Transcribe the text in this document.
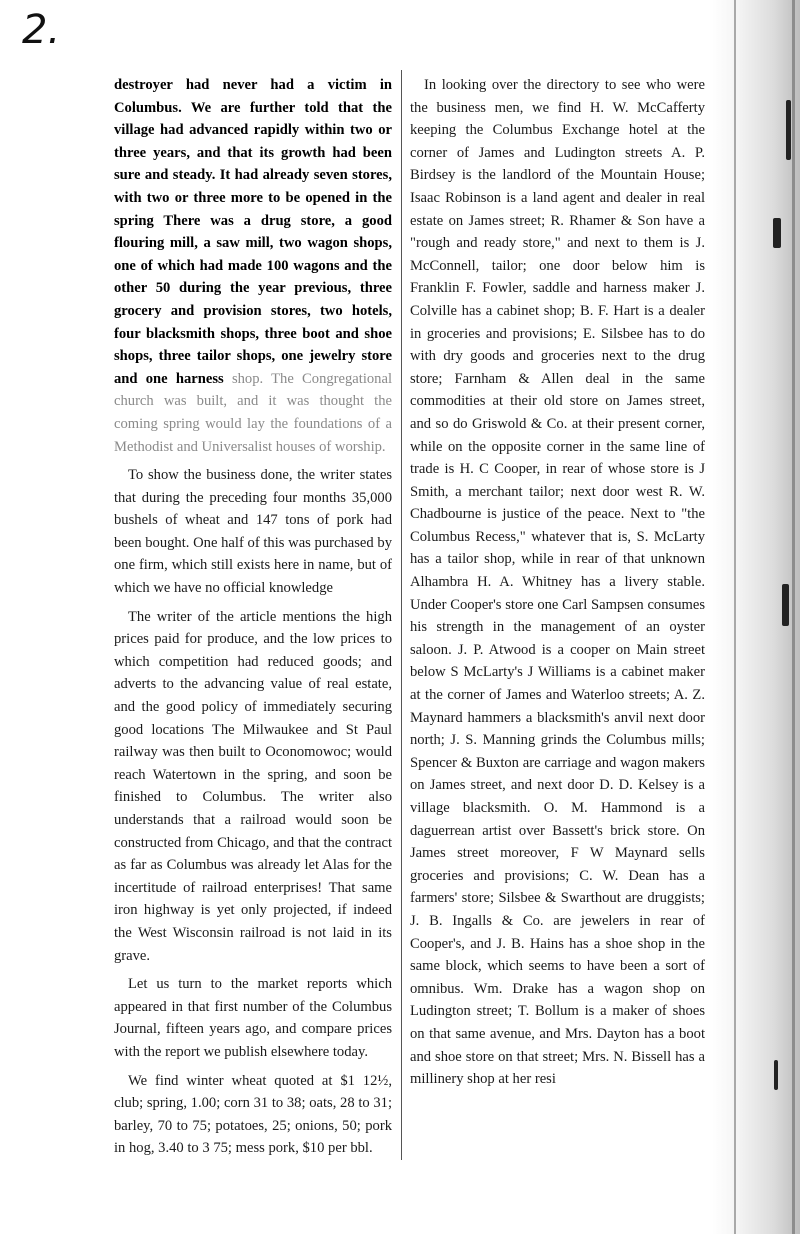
2.

destroyer had never had a victim in Columbus. We are further told that the village had advanced rapidly within two or three years, and that its growth had been sure and steady. It had already seven stores, with two or three more to be opened in the spring There was a drug store, a good flouring mill, a saw mill, two wagon shops, one of which had made 100 wagons and the other 50 during the year previous, three grocery and provision stores, two hotels, four blacksmith shops, three boot and shoe shops, three tailor shops, one jewelry store and one harness shop. The Congregational church was built, and it was thought the coming spring would lay the foundations of a Methodist and Universalist houses of worship.

To show the business done, the writer states that during the preceding four months 35,000 bushels of wheat and 147 tons of pork had been bought. One half of this was purchased by one firm, which still exists here in name, but of which we have no official knowledge

The writer of the article mentions the high prices paid for produce, and the low prices to which competition had reduced goods; and adverts to the advancing value of real estate, and the good policy of immediately securing good locations The Milwaukee and St Paul railway was then built to Oconomowoc; would reach Watertown in the spring, and soon be finished to Columbus. The writer also understands that a railroad would soon be constructed from Chicago, and that the contract as far as Columbus was already let Alas for the incertitude of railroad enterprises! That same iron highway is yet only projected, if indeed the West Wisconsin railroad is not laid in its grave.

Let us turn to the market reports which appeared in that first number of the Columbus Journal, fifteen years ago, and compare prices with the report we publish elsewhere today.

We find winter wheat quoted at $1 12½, club; spring, 1.00; corn 31 to 38; oats, 28 to 31; barley, 70 to 75; potatoes, 25; onions, 50; pork in hog, 3.40 to 3 75; mess pork, $10 per bbl.

In looking over the directory to see who were the business men, we find H. W. McCafferty keeping the Columbus Exchange hotel at the corner of James and Ludington streets A. P. Birdsey is the landlord of the Mountain House; Isaac Robinson is a land agent and dealer in real estate on James street; R. Rhamer & Son have a "rough and ready store," and next to them is J. McConnell, tailor; one door below him is Franklin F. Fowler, saddle and harness maker J. Colville has a cabinet shop; B. F. Hart is a dealer in groceries and provisions; E. Silsbee has to do with dry goods and groceries next to the drug store; Farnham & Allen deal in the same commodities at their old store on James street, and so do Griswold & Co. at their present corner, while on the opposite corner in the same line of trade is H. C Cooper, in rear of whose store is J Smith, a merchant tailor; next door west R. W. Chadbourne is justice of the peace. Next to "the Columbus Recess," whatever that is, S. McLarty has a tailor shop, while in rear of that unknown Alhambra H. A. Whitney has a livery stable. Under Cooper's store one Carl Sampsen consumes his strength in the management of an oyster saloon. J. P. Atwood is a cooper on Main street below S McLarty's J Williams is a cabinet maker at the corner of James and Waterloo streets; A. Z. Maynard hammers a blacksmith's anvil next door north; J. S. Manning grinds the Columbus mills; Spencer & Buxton are carriage and wagon makers on James street, and next door D. D. Kelsey is a village blacksmith. O. M. Hammond is a daguerrean artist over Bassett's brick store. On James street moreover, F W Maynard sells groceries and provisions; C. W. Dean has a farmers' store; Silsbee & Swarthout are druggists; J. B. Ingalls & Co. are jewelers in rear of Cooper's, and J. B. Hains has a shoe shop in the same block, which seems to have been a sort of omnibus. Wm. Drake has a wagon shop on Ludington street; T. Bollum is a maker of shoes on that same avenue, and Mrs. Dayton has a boot and shoe store on that street; Mrs. N. Bissell has a millinery shop at her resi
